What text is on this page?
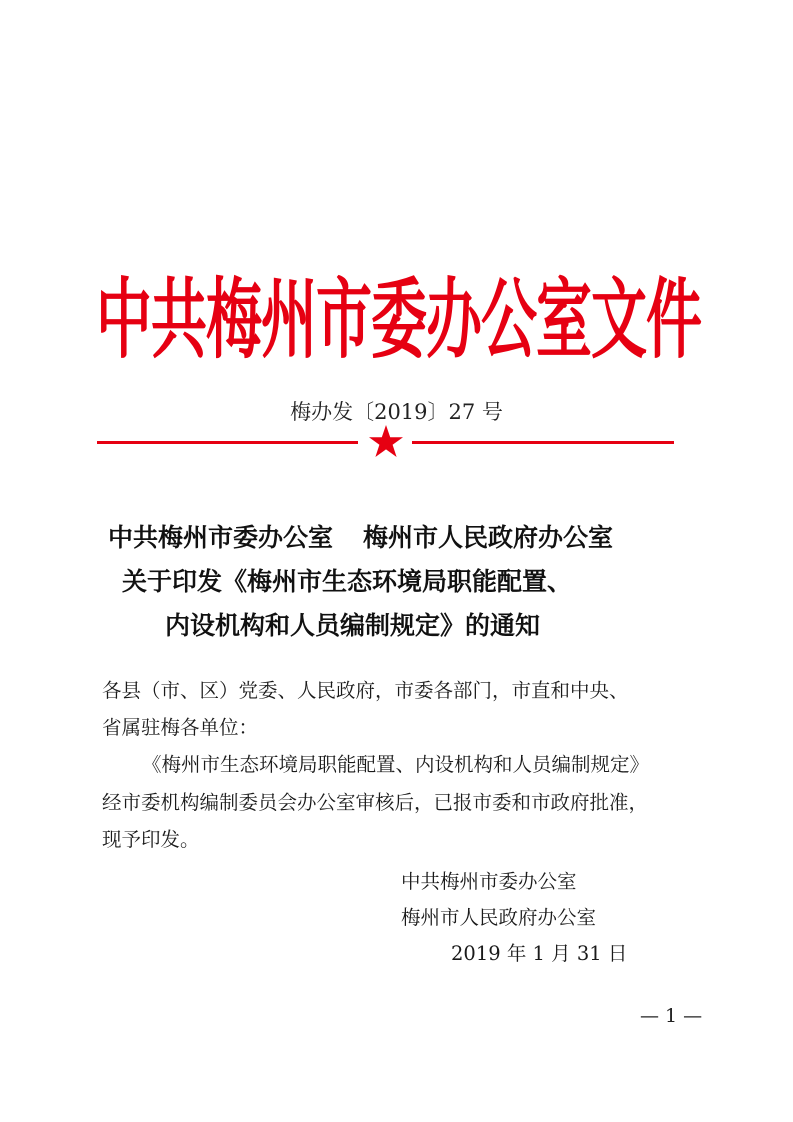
中共梅州市委办公室文件
梅办发〔2019〕27 号
中共梅州市委办公室 梅州市人民政府办公室
关于印发《梅州市生态环境局职能配置、
内设机构和人员编制规定》的通知
各县（市、区）党委、人民政府，市委各部门，市直和中央、
省属驻梅各单位：
《梅州市生态环境局职能配置、内设机构和人员编制规定》
经市委机构编制委员会办公室审核后，已报市委和市政府批准，
现予印发。
中共梅州市委办公室
梅州市人民政府办公室
2019 年 1 月 31 日
— 1 —
